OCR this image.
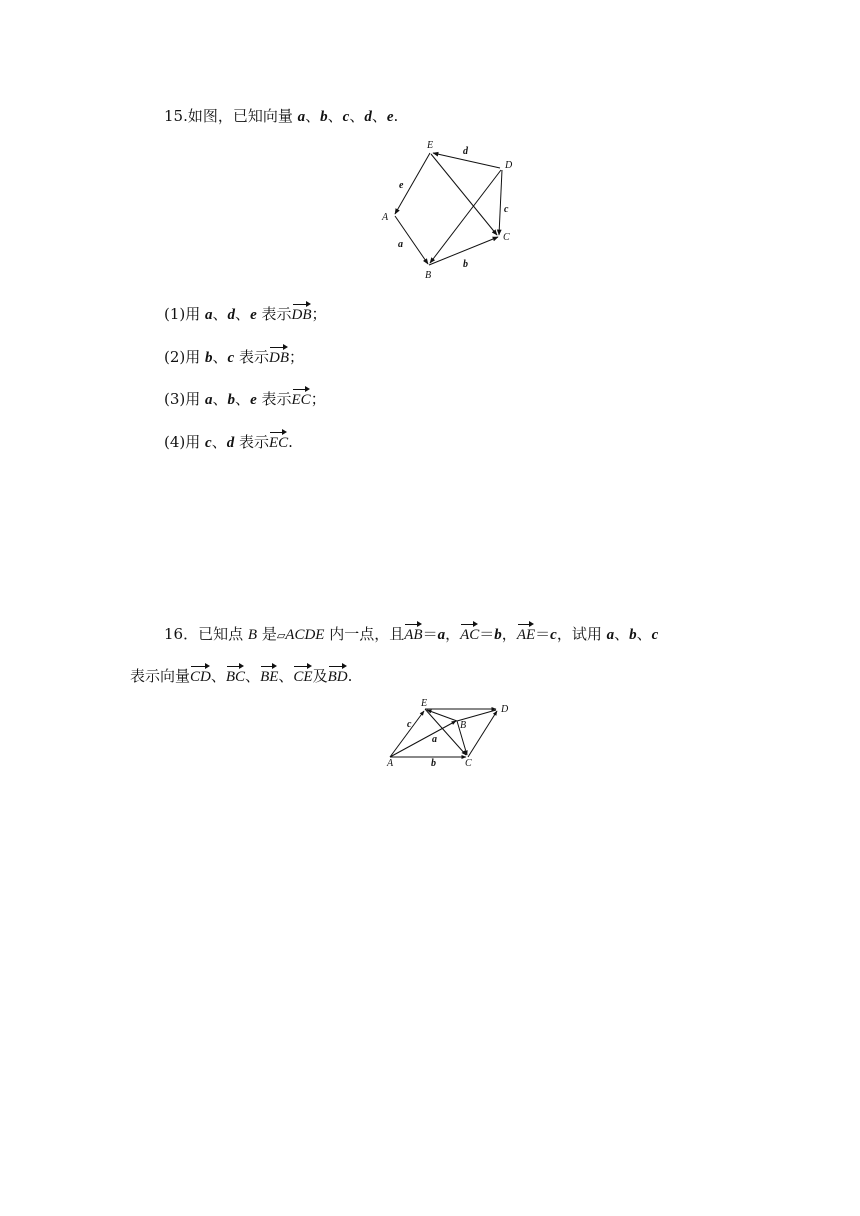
15.如图，已知向量 a、b、c、d、e.
E
D
A
C
B
d
e
c
a
b
(1)用 a、d、e 表示DB；
(2)用 b、c 表示DB；
(3)用 a、b、e 表示EC；
(4)用 c、d 表示EC.
16．已知点 B 是▱ACDE 内一点，且AB＝a，AC＝b，AE＝c，试用 a、b、c
表示向量CD、BC、BE、CE及BD.
E
D
B
A	C
c
a
b
